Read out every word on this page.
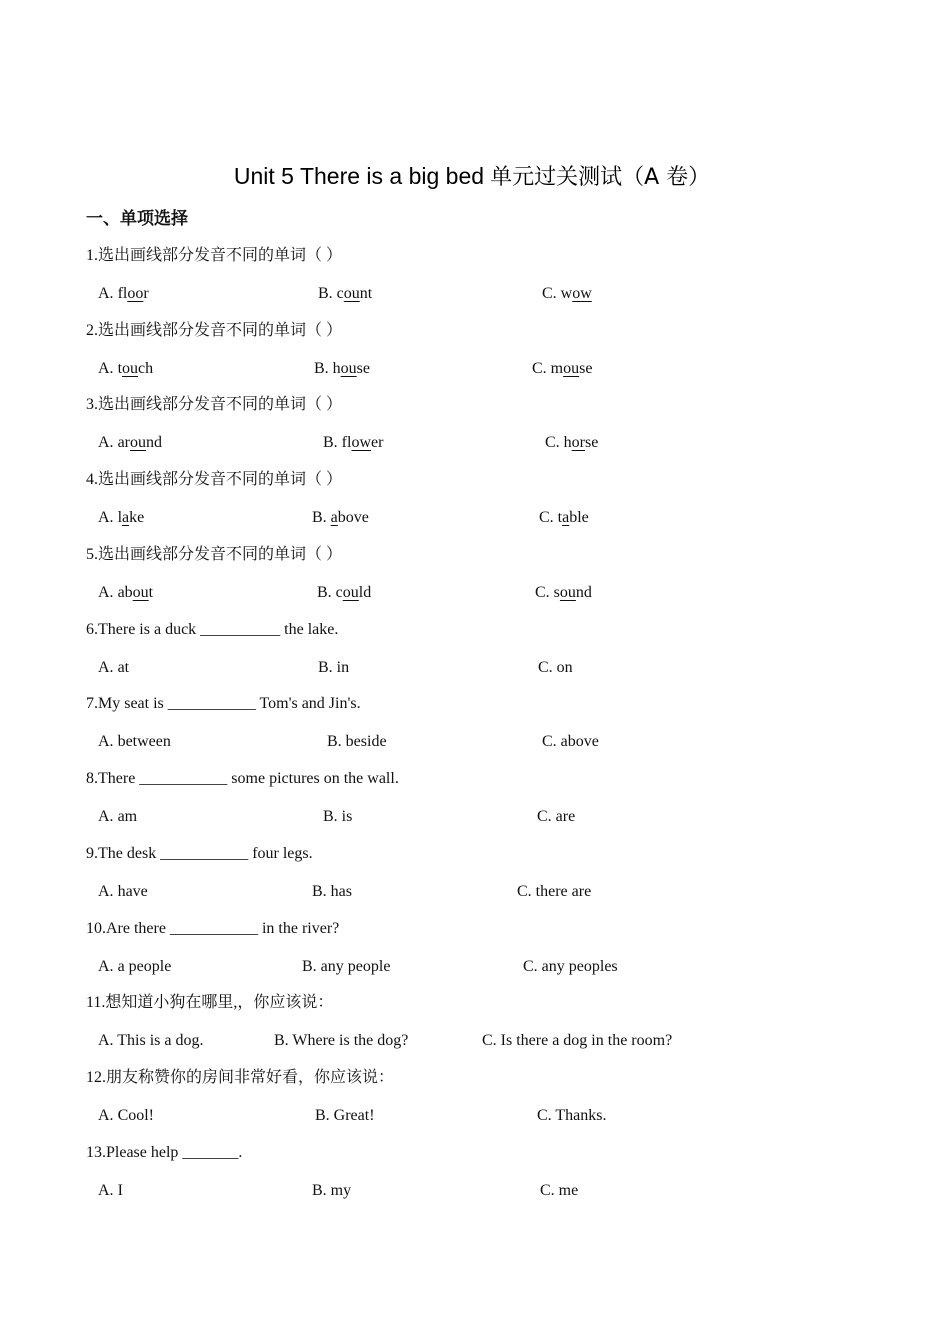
Unit 5 There is a big bed 单元过关测试（A 卷）
一、单项选择
1.选出画线部分发音不同的单词（ ）
A. floor	B. count	C. wow
2.选出画线部分发音不同的单词（ ）
A. touch	B. house	C. mouse
3.选出画线部分发音不同的单词（ ）
A. around	B. flower	C. horse
4.选出画线部分发音不同的单词（ ）
A. lake	B. above	C. table
5.选出画线部分发音不同的单词（ ）
A. about	B. could	C. sound
6.There is a duck __________ the lake.
A. at	B. in	C. on
7.My seat is ___________ Tom's and Jin's.
A. between	B. beside	C. above
8.There ___________ some pictures on the wall.
A. am	B. is	C. are
9.The desk ___________ four legs.
A. have	B. has	C. there are
10.Are there ___________ in the river?
A. a people	B. any people	C. any peoples
11.想知道小狗在哪里,，你应该说：
A. This is a dog.	B. Where is the dog?	C. Is there a dog in the room?
12.朋友称赞你的房间非常好看，你应该说：
A. Cool!	B. Great!	C. Thanks.
13.Please help _______.
A. I	B. my	C. me
